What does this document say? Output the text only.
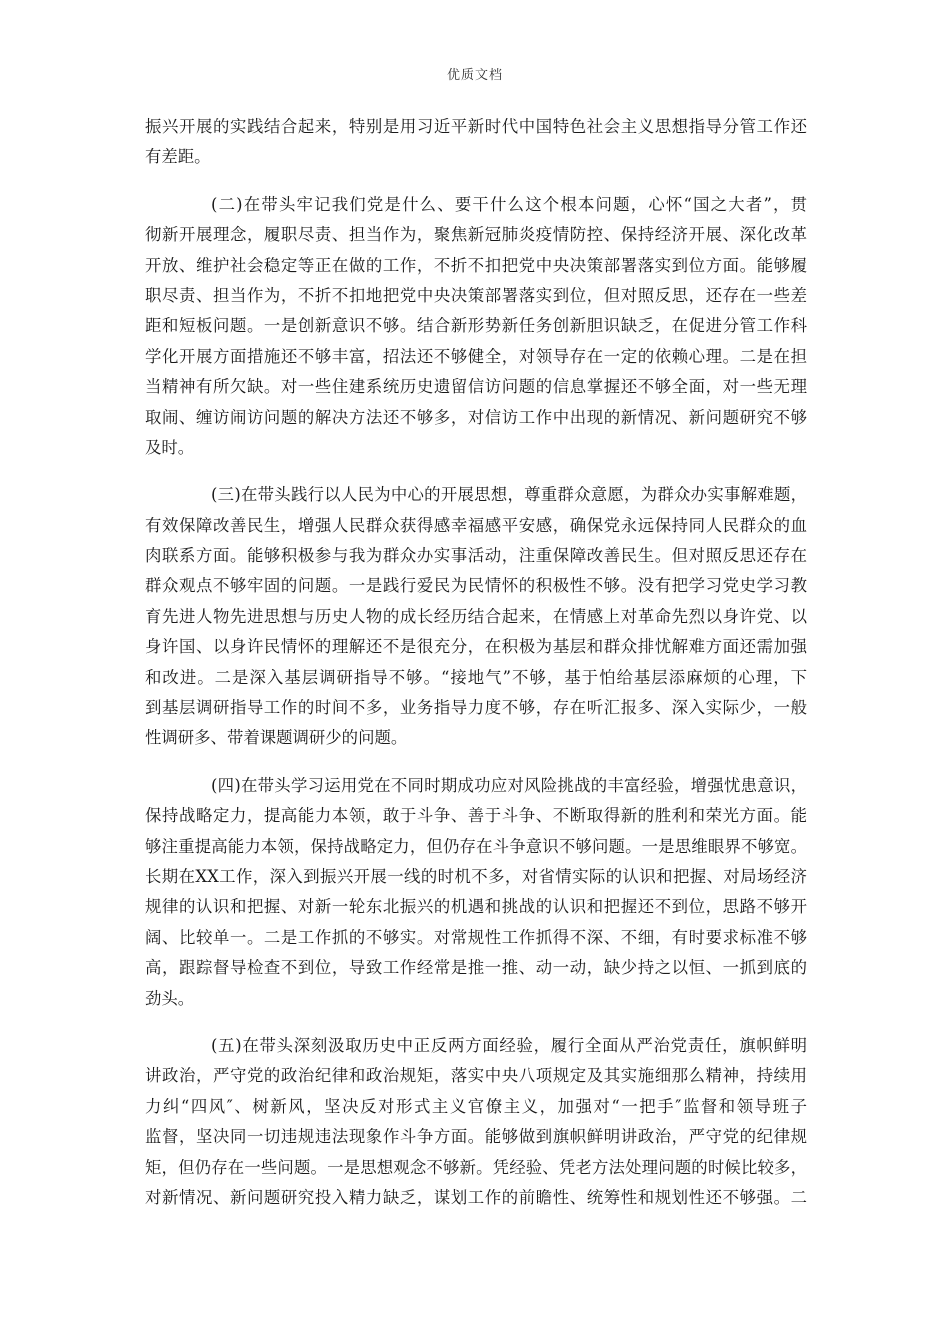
优质文档
振兴开展的实践结合起来，特别是用习近平新时代中国特色社会主义思想指导分管工作还
有差距。
(二)在带头牢记我们党是什么、要干什么这个根本问题，心怀“国之大者”，贯
彻新开展理念，履职尽责、担当作为，聚焦新冠肺炎疫情防控、保持经济开展、深化改革
开放、维护社会稳定等正在做的工作，不折不扣把党中央决策部署落实到位方面。能够履
职尽责、担当作为，不折不扣地把党中央决策部署落实到位，但对照反思，还存在一些差
距和短板问题。一是创新意识不够。结合新形势新任务创新胆识缺乏，在促进分管工作科
学化开展方面措施还不够丰富，招法还不够健全，对领导存在一定的依赖心理。二是在担
当精神有所欠缺。对一些住建系统历史遗留信访问题的信息掌握还不够全面，对一些无理
取闹、缠访闹访问题的解决方法还不够多，对信访工作中出现的新情况、新问题研究不够
及时。
(三)在带头践行以人民为中心的开展思想，尊重群众意愿，为群众办实事解难题，
有效保障改善民生，增强人民群众获得感幸福感平安感，确保党永远保持同人民群众的血
肉联系方面。能够积极参与我为群众办实事活动，注重保障改善民生。但对照反思还存在
群众观点不够牢固的问题。一是践行爱民为民情怀的积极性不够。没有把学习党史学习教
育先进人物先进思想与历史人物的成长经历结合起来，在情感上对革命先烈以身许党、以
身许国、以身许民情怀的理解还不是很充分，在积极为基层和群众排忧解难方面还需加强
和改进。二是深入基层调研指导不够。“接地气”不够，基于怕给基层添麻烦的心理，下
到基层调研指导工作的时间不多，业务指导力度不够，存在听汇报多、深入实际少，一般
性调研多、带着课题调研少的问题。
(四)在带头学习运用党在不同时期成功应对风险挑战的丰富经验，增强忧患意识，
保持战略定力，提高能力本领，敢于斗争、善于斗争、不断取得新的胜利和荣光方面。能
够注重提高能力本领，保持战略定力，但仍存在斗争意识不够问题。一是思维眼界不够宽。
长期在XX工作，深入到振兴开展一线的时机不多，对省情实际的认识和把握、对局场经济
规律的认识和把握、对新一轮东北振兴的机遇和挑战的认识和把握还不到位，思路不够开
阔、比较单一。二是工作抓的不够实。对常规性工作抓得不深、不细，有时要求标准不够
高，跟踪督导检查不到位，导致工作经常是推一推、动一动，缺少持之以恒、一抓到底的
劲头。
(五)在带头深刻汲取历史中正反两方面经验，履行全面从严治党责任，旗帜鲜明
讲政治，严守党的政治纪律和政治规矩，落实中央八项规定及其实施细那么精神，持续用
力纠“四风″、树新风，坚决反对形式主义官僚主义，加强对“一把手″监督和领导班子
监督，坚决同一切违规违法现象作斗争方面。能够做到旗帜鲜明讲政治，严守党的纪律规
矩，但仍存在一些问题。一是思想观念不够新。凭经验、凭老方法处理问题的时候比较多，
对新情况、新问题研究投入精力缺乏，谋划工作的前瞻性、统筹性和规划性还不够强。二
